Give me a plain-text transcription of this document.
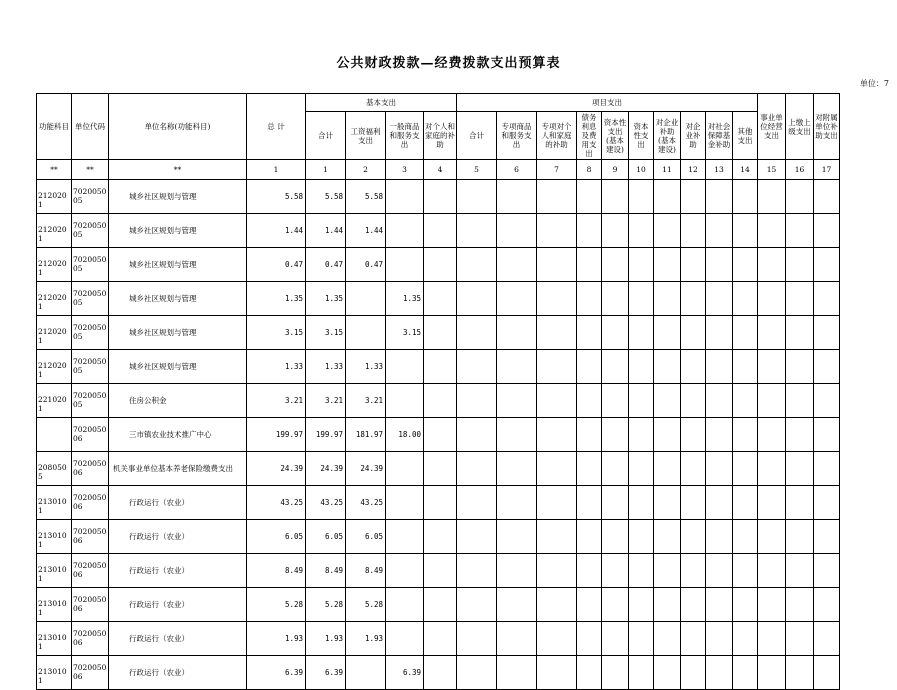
公共财政拨款—经费拨款支出预算表
单位：7
功能科目	单位代码	单位名称(功能科目)	总 计	基本支出				项目支出										事业单位经营支出	上缴上级支出	对附属单位补助支出
				合计	工资福利支出	一般商品和服务支出	对个人和家庭的补助	合计	专项商品和服务支出	专项对个人和家庭的补助	债务利息及费用支出	资本性支出(基本建设)	资本性支出	对企业补助(基本建设)	对企业补助	对社会保障基金补助	其他支出			
**	**	**	1	1	2	3	4	5	6	7	8	9	10	11	12	13	14	15	16	17
2120201	702005005	城乡社区规划与管理	5.58	5.58	5.58															
2120201	702005005	城乡社区规划与管理	1.44	1.44	1.44															
2120201	702005005	城乡社区规划与管理	0.47	0.47	0.47															
2120201	702005005	城乡社区规划与管理	1.35	1.35		1.35														
2120201	702005005	城乡社区规划与管理	3.15	3.15		3.15														
2120201	702005005	城乡社区规划与管理	1.33	1.33	1.33															
2210201	702005005	住房公积金	3.21	3.21	3.21															
	702005006	三市镇农业技术推广中心	199.97	199.97	181.97	18.00														
2080505	702005006	机关事业单位基本养老保险缴费支出	24.39	24.39	24.39															
2130101	702005006	行政运行（农业）	43.25	43.25	43.25															
2130101	702005006	行政运行（农业）	6.05	6.05	6.05															
2130101	702005006	行政运行（农业）	8.49	8.49	8.49															
2130101	702005006	行政运行（农业）	5.28	5.28	5.28															
2130101	702005006	行政运行（农业）	1.93	1.93	1.93															
2130101	702005006	行政运行（农业）	6.39	6.39		6.39														
